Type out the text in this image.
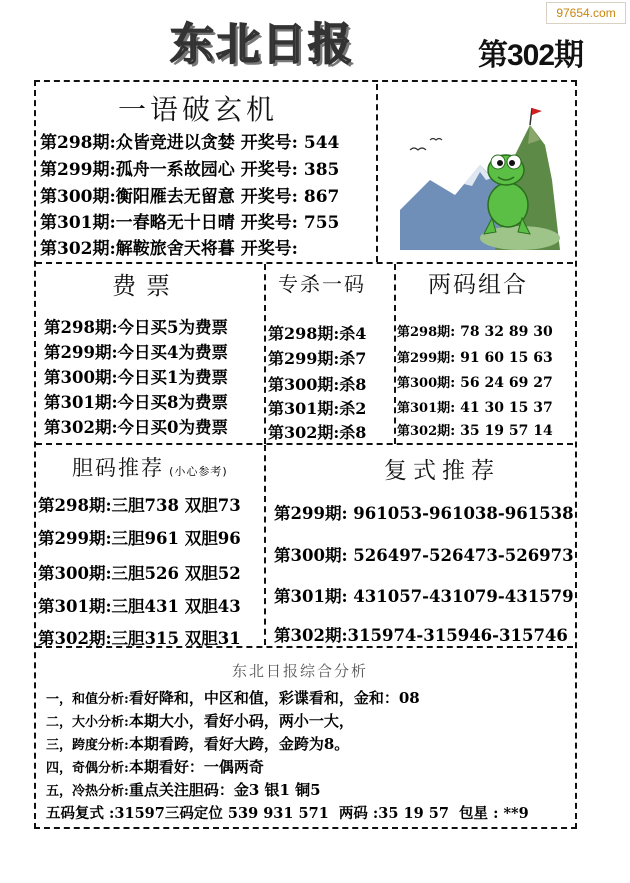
97654.com
东北日报	第302期
一语破玄机
第298期:众皆竞进以贪婪 开奖号: 544
第299期:孤舟一系故园心 开奖号: 385
第300期:衡阳雁去无留意 开奖号: 867
第301期:一春略无十日晴 开奖号: 755
第302期:解鞍旅舍天将暮 开奖号:
费票
第298期:今日买5为费票
第299期:今日买4为费票
第300期:今日买1为费票
第301期:今日买8为费票
第302期:今日买0为费票
专杀一码
第298期:杀4
第299期:杀7
第300期:杀8
第301期:杀2
第302期:杀8
两码组合
第298期: 78 32 89 30
第299期: 91 60 15 63
第300期: 56 24 69 27
第301期: 41 30 15 37
第302期: 35 19 57 14
胆码推荐 (小心参考)
第298期:三胆738 双胆73
第299期:三胆961 双胆96
第300期:三胆526 双胆52
第301期:三胆431 双胆43
第302期:三胆315 双胆31
复式推荐
第299期: 961053-961038-961538
第300期: 526497-526473-526973
第301期: 431057-431079-431579
第302期:315974-315946-315746
东北日报综合分析
一，和值分析:看好降和，中区和值，彩谍看和，金和：08
二，大小分析:本期大小，看好小码，两小一大，
三，跨度分析:本期看跨，看好大跨，金跨为8。
四，奇偶分析:本期看好：一偶两奇
五，冷热分析:重点关注胆码：金3 银1 铜5
五码复式 :31597三码定位 539 931 571  两码 :35 19 57  包星 : **9
